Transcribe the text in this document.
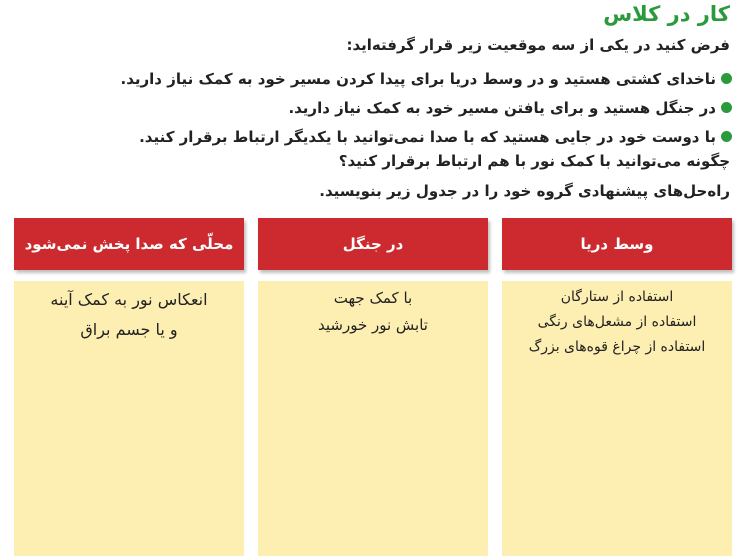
کار در کلاس
فرض کنید در یکی از سه موقعیت زیر قرار گرفته‌اید:
ناخدای کشتی هستید و در وسط دریا برای پیدا کردن مسیر خود به کمک نیاز دارید.
در جنگل هستید و برای یافتن مسیر خود به کمک نیاز دارید.
با دوست خود در جایی هستید که با صدا نمی‌توانید با یکدیگر ارتباط برقرار کنید.
چگونه می‌توانید با کمک نور با هم ارتباط برقرار کنید؟
راه‌حل‌های پیشنهادی گروه خود را در جدول زیر بنویسید.
وسط دریا

استفاده از ستارگان

استفاده از مشعل‌های رنگی

استفاده از چراغ قوه‌های بزرگ

در جنگل

با کمک جهت

تابش نور خورشید

محلّی که صدا پخش نمی‌شود

انعکاس نور به کمک آینه

و یا جسم براق
